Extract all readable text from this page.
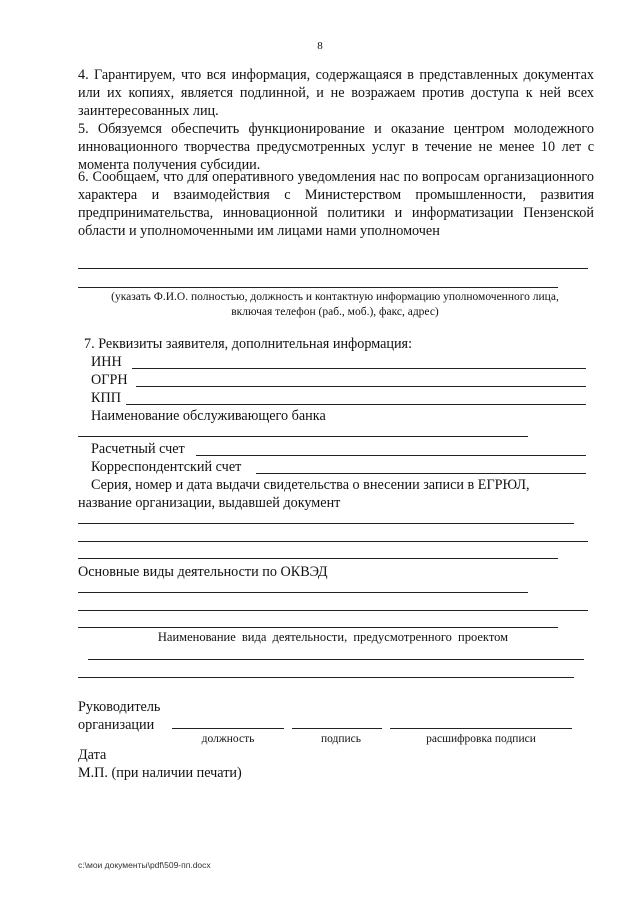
8
4. Гарантируем, что вся информация, содержащаяся в представленных документах или их копиях, является подлинной, и не возражаем против доступа к ней всех заинтересованных лиц.
5. Обязуемся обеспечить функционирование и оказание центром молодежного инновационного творчества предусмотренных услуг в течение не менее 10 лет с момента получения субсидии.
6. Сообщаем, что для оперативного уведомления нас по вопросам организационного характера и взаимодействия с Министерством промышленности, развития предпринимательства, инновационной политики и информатизации Пензенской области и уполномоченными им лицами нами уполномочен
(указать Ф.И.О. полностью, должность и контактную информацию уполномоченного лица,
включая телефон (раб., моб.), факс, адрес)
7. Реквизиты заявителя, дополнительная информация:
ИНН
ОГРН
КПП
Наименование обслуживающего банка
Расчетный счет
Корреспондентский счет
Серия, номер и дата выдачи свидетельства о внесении записи в ЕГРЮЛ,
название организации, выдавшей документ
Основные виды деятельности по ОКВЭД
Наименование вида деятельности, предусмотренного проектом
Руководитель
организации
должность	подпись	расшифровка подписи
Дата
М.П. (при наличии печати)
c:\мои документы\pdf\509-пп.docx
